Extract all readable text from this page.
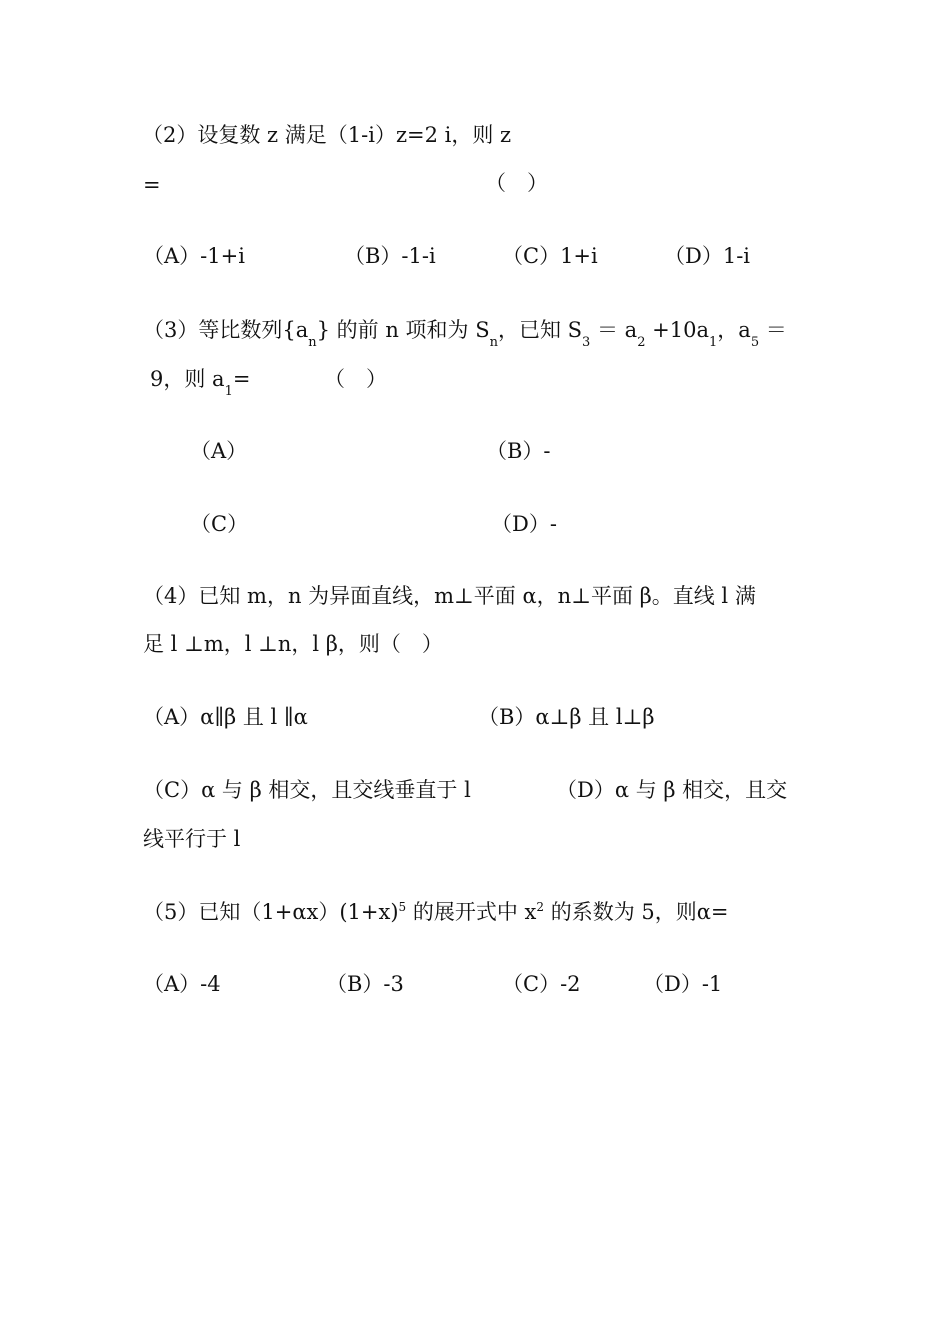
（2）设复数 z 满足（1-i）z=2 i，则 z
=	（　）
（A）-1+i	（B）-1-i	（C）1+i	（D）1-i
（3）等比数列$\{a_n\}$ 的前 n 项和为 $S_n$，已知 $S_3 = a_2 +10a_1$，$a_5$ ＝
9，则 $a_1=$	（　）
（A）	（B）-
（C）	（D）-
（4）已知 m，n 为异面直线，m⊥平面 α，n⊥平面 β。直线 l 满
足 l ⊥m，l ⊥n，l β，则（　）
（A）α∥β 且 l ∥α	（B）α⊥β 且 l⊥β
（C）α 与 β 相交，且交线垂直于 l	（D）α 与 β 相交，且交
线平行于 l
（5）已知$(1+\alpha x)(1+x)^5$ 的展开式中 $x^2$ 的系数为 5，则α=
（A）-4	（B）-3	（C）-2	（D）-1
